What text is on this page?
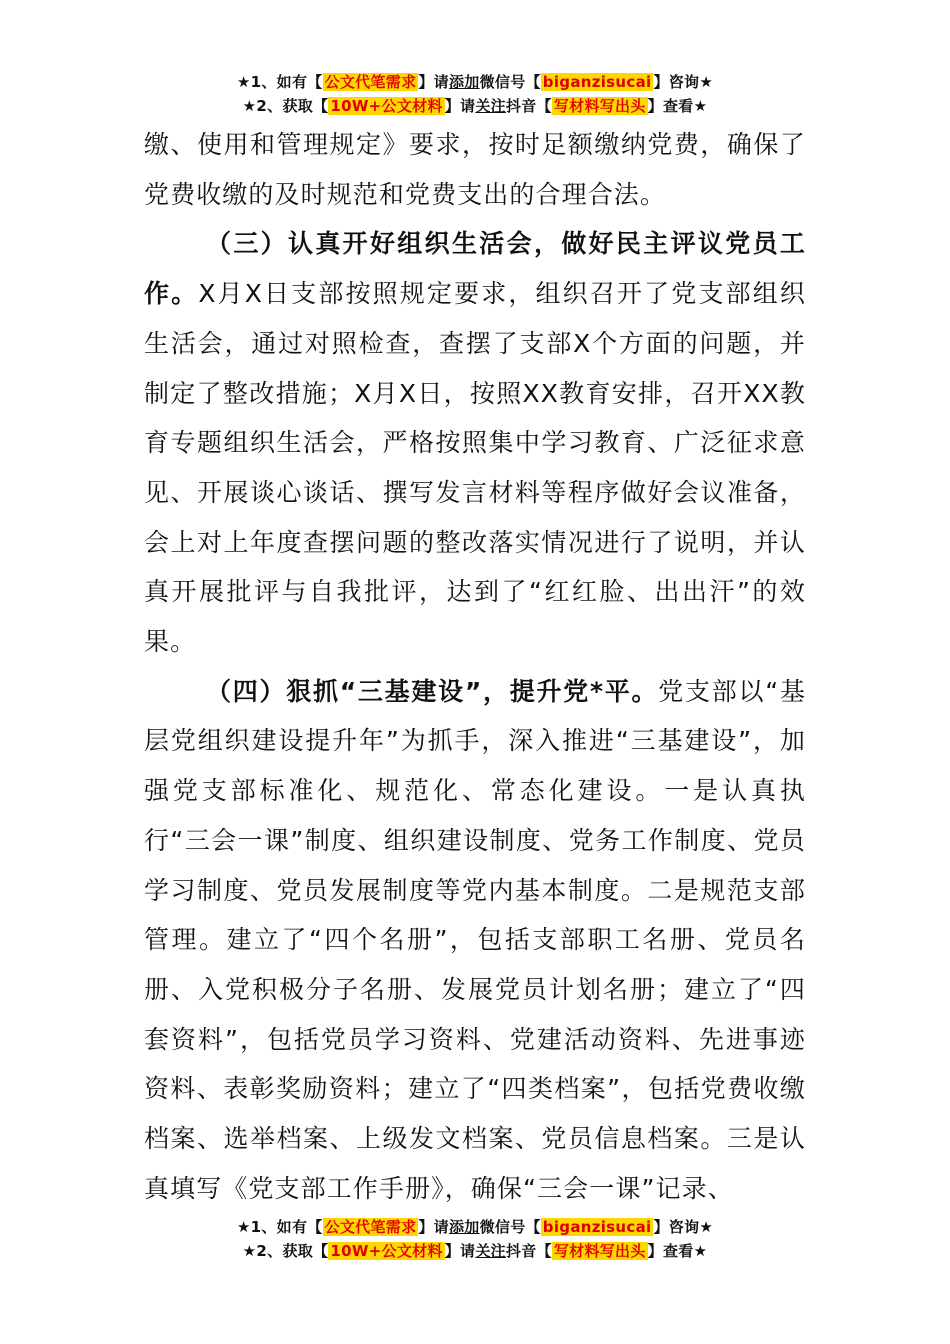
★1、如有【 公文代笔需求 】请添加微信号【 biganzisucai 】咨询★
★2、获取【 10W+公文材料 】请关注抖音【 写材料写出头 】查看★

缴、使用和管理规定》要求，按时足额缴纳党费，确保了党费收缴的及时规范和党费支出的合理合法。

（三）认真开好组织生活会，做好民主评议党员工作。X月X日支部按照规定要求，组织召开了党支部组织生活会，通过对照检查，查摆了支部X个方面的问题，并制定了整改措施；X月X日，按照XX教育安排，召开XX教育专题组织生活会，严格按照集中学习教育、广泛征求意见、开展谈心谈话、撰写发言材料等程序做好会议准备，会上对上年度查摆问题的整改落实情况进行了说明，并认真开展批评与自我批评，达到了“红红脸、出出汗”的效果。

（四）狠抓“三基建设”，提升党*平。党支部以“基层党组织建设提升年”为抓手，深入推进“三基建设”，加强党支部标准化、规范化、常态化建设。一是认真执行“三会一课”制度、组织建设制度、党务工作制度、党员学习制度、党员发展制度等党内基本制度。二是规范支部管理。建立了“四个名册”，包括支部职工名册、党员名册、入党积极分子名册、发展党员计划名册；建立了“四套资料”，包括党员学习资料、党建活动资料、先进事迹资料、表彰奖励资料；建立了“四类档案”，包括党费收缴档案、选举档案、上级发文档案、党员信息档案。三是认真填写《党支部工作手册》，确保“三会一课”记录、

★1、如有【 公文代笔需求 】请添加微信号【 biganzisucai 】咨询★
★2、获取【 10W+公文材料 】请关注抖音【 写材料写出头 】查看★
